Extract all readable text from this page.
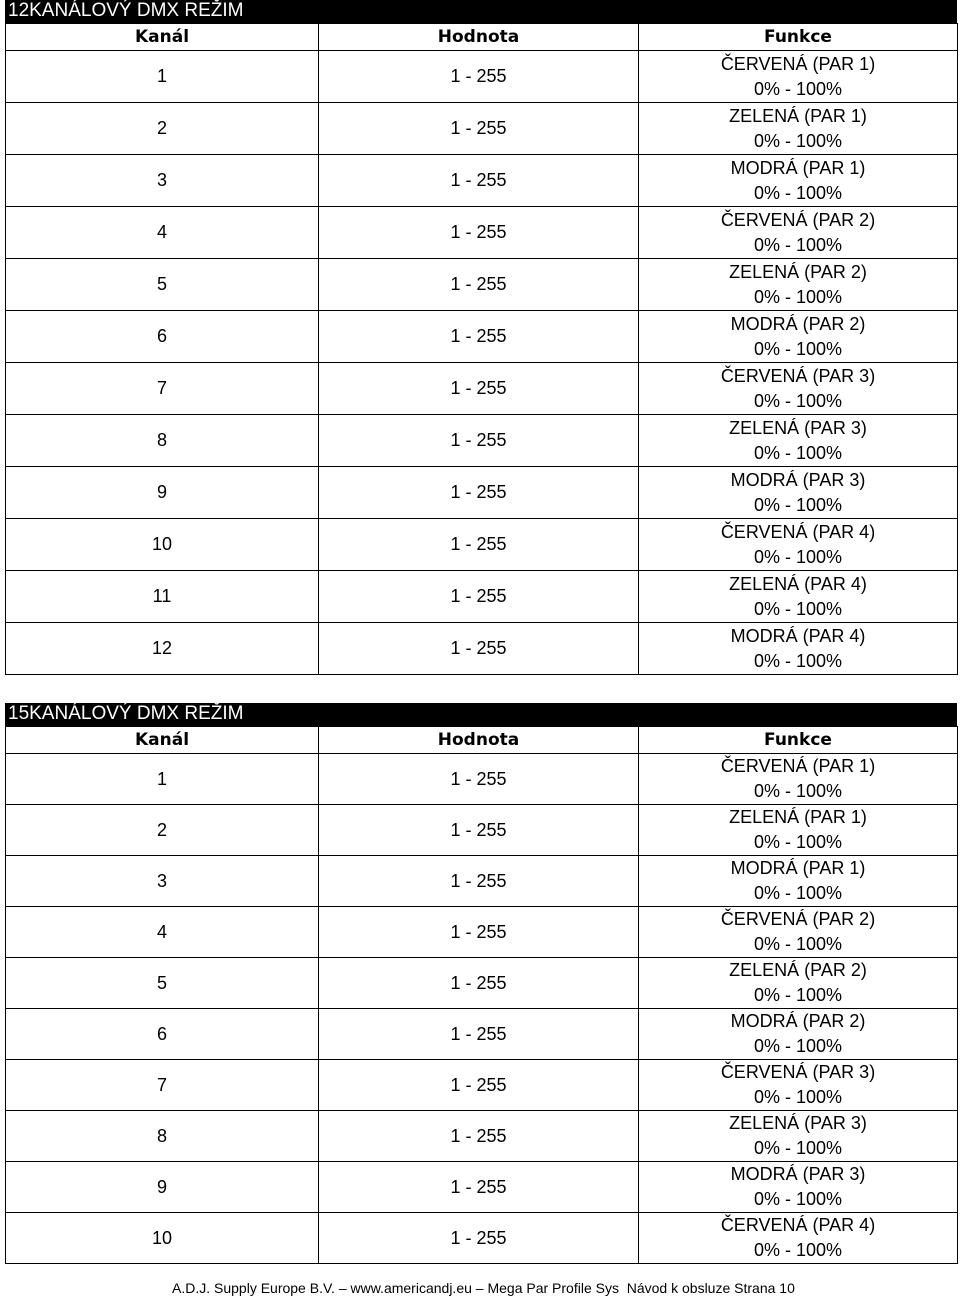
12KANÁLOVÝ DMX REŽIM
Kanál	Hodnota	Funkce
1	1 - 255	ČERVENÁ (PAR 1)
0% - 100%

2	1 - 255	ZELENÁ (PAR 1)
0% - 100%

3	1 - 255	MODRÁ (PAR 1)
0% - 100%

4	1 - 255	ČERVENÁ (PAR 2)
0% - 100%

5	1 - 255	ZELENÁ (PAR 2)
0% - 100%

6	1 - 255	MODRÁ (PAR 2)
0% - 100%

7	1 - 255	ČERVENÁ (PAR 3)
0% - 100%

8	1 - 255	ZELENÁ (PAR 3)
0% - 100%

9	1 - 255	MODRÁ (PAR 3)
0% - 100%

10	1 - 255	ČERVENÁ (PAR 4)
0% - 100%

11	1 - 255	ZELENÁ (PAR 4)
0% - 100%

12	1 - 255	MODRÁ (PAR 4)
0% - 100%
15KANÁLOVÝ DMX REŽIM
Kanál	Hodnota	Funkce
1	1 - 255	ČERVENÁ (PAR 1)
0% - 100%

2	1 - 255	ZELENÁ (PAR 1)
0% - 100%

3	1 - 255	MODRÁ (PAR 1)
0% - 100%

4	1 - 255	ČERVENÁ (PAR 2)
0% - 100%

5	1 - 255	ZELENÁ (PAR 2)
0% - 100%

6	1 - 255	MODRÁ (PAR 2)
0% - 100%

7	1 - 255	ČERVENÁ (PAR 3)
0% - 100%

8	1 - 255	ZELENÁ (PAR 3)
0% - 100%

9	1 - 255	MODRÁ (PAR 3)
0% - 100%

10	1 - 255	ČERVENÁ (PAR 4)
0% - 100%
A.D.J. Supply Europe B.V. – www.americandj.eu – Mega Par Profile Sys Návod k obsluze Strana 10
